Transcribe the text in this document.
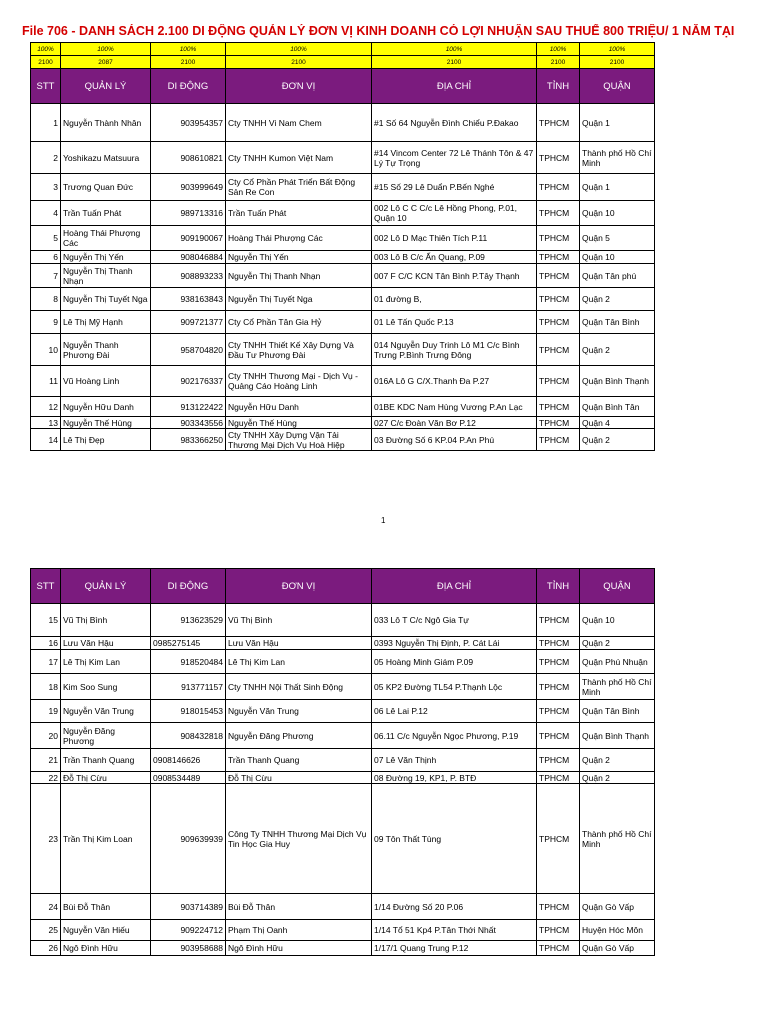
File 706 - DANH SÁCH 2.100 DI ĐỘNG QUẢN LÝ ĐƠN VỊ KINH DOANH CÓ LỢI NHUẬN SAU THUẾ 800 TRIỆU/ 1 NĂM TẠI
100%	100%	100%	100%	100%	100%	100%
2100	2087	2100	2100	2100	2100	2100
STT	QUẢN LÝ	DI ĐỘNG	ĐƠN VỊ	ĐỊA CHỈ	TỈNH	QUẬN
1	Nguyễn Thành Nhân	903954357	Cty TNHH Vi Nam Chem	#1 Số 64 Nguyễn Đình Chiểu P.Đakao	TPHCM	Quận 1
2	Yoshikazu Matsuura	908610821	Cty TNHH Kumon Việt Nam	#14 Vincom Center 72 Lê Thánh Tôn & 47 Lý Tự Trọng	TPHCM	Thành phố Hồ Chí Minh
3	Trương Quan Đức	903999649	Cty Cổ Phần Phát Triển Bất Động Sản Re Con	#15 Số 29 Lê Duẩn P.Bến Nghé	TPHCM	Quận 1
4	Trần Tuấn Phát	989713316	Trần Tuấn Phát	002 Lô C C C/c Lê Hồng Phong, P.01, Quận 10	TPHCM	Quận 10
5	Hoàng Thái Phượng Các	909190067	Hoàng Thái Phượng Các	002 Lô D Mạc Thiên Tích P.11	TPHCM	Quận 5
6	Nguyễn Thị Yến	908046884	Nguyễn Thị Yến	003 Lô B C/c Ấn Quang, P.09	TPHCM	Quận 10
7	Nguyễn Thị Thanh Nhạn	908893233	Nguyễn Thị Thanh Nhạn	007 F C/C KCN Tân Bình P.Tây Thạnh	TPHCM	Quận Tân phú
8	Nguyễn Thị Tuyết Nga	938163843	Nguyễn Thị Tuyết Nga	01 đường B,	TPHCM	Quận 2
9	Lê Thị Mỹ Hạnh	909721377	Cty Cổ Phần Tân Gia Hỷ	01 Lê Tấn Quốc P.13	TPHCM	Quận Tân Bình
10	Nguyễn Thanh Phương Đài	958704820	Cty TNHH Thiết Kế Xây Dựng Và Đầu Tư Phương Đài	014 Nguyễn Duy Trinh Lô M1 C/c Bình Trưng P.Bình Trưng Đông	TPHCM	Quận 2
11	Vũ Hoàng Linh	902176337	Cty TNHH Thương Mại - Dịch Vụ - Quảng Cáo Hoàng Linh	016A Lô G C/X.Thanh Đa P.27	TPHCM	Quận Bình Thạnh
12	Nguyễn Hữu Danh	913122422	Nguyễn Hữu Danh	01BE KDC Nam Hùng Vương P.An Lạc	TPHCM	Quận Bình Tân
13	Nguyễn Thế Hùng	903343556	Nguyễn Thế Hùng	027 C/c Đoàn Văn Bơ P.12	TPHCM	Quận 4
14	Lê Thị Đẹp	983366250	Cty TNHH Xây Dựng Vận Tải Thương Mại Dịch Vụ Hoà Hiệp	03 Đường Số 6 KP.04 P.An Phú	TPHCM	Quận 2
1
STT	QUẢN LÝ	DI ĐỘNG	ĐƠN VỊ	ĐỊA CHỈ	TỈNH	QUẬN
15	Vũ Thị Bình	913623529	Vũ Thị Bình	033 Lô T C/c Ngô Gia Tự	TPHCM	Quận 10
16	Lưu Văn Hậu	0985275145	Lưu Văn Hậu	0393 Nguyễn Thị Định, P. Cát Lái	TPHCM	Quận 2
17	Lê Thị Kim Lan	918520484	Lê Thị Kim Lan	05 Hoàng Minh Giám P.09	TPHCM	Quận Phú Nhuận
18	Kim Soo Sung	913771157	Cty TNHH Nội Thất Sinh Động	05 KP2 Đường TL54 P.Thạnh Lộc	TPHCM	Thành phố Hồ Chí Minh
19	Nguyễn Văn Trung	918015453	Nguyễn Văn Trung	06 Lê Lai P.12	TPHCM	Quận Tân Bình
20	Nguyễn Đăng Phương	908432818	Nguyễn Đăng Phương	06.11 C/c Nguyễn Ngọc Phương, P.19	TPHCM	Quận Bình Thạnh
21	Trần Thanh Quang	0908146626	Trần Thanh Quang	07 Lê Văn Thịnh	TPHCM	Quận 2
22	Đỗ Thị Cừu	0908534489	Đỗ Thị Cừu	08 Đường 19, KP1, P. BTĐ	TPHCM	Quận 2
23	Trần Thị Kim Loan	909639939	Công Ty TNHH Thương Mại Dịch Vụ Tin Học Gia Huy	09 Tôn Thất Tùng	TPHCM	Thành phố Hồ Chí Minh
24	Bùi Đỗ Thân	903714389	Bùi Đỗ Thân	1/14 Đường Số 20 P.06	TPHCM	Quận Gò Vấp
25	Nguyễn Văn Hiếu	909224712	Phạm Thị Oanh	1/14 Tổ 51 Kp4 P.Tân Thới Nhất	TPHCM	Huyện Hóc Môn
26	Ngô Đình Hữu	903958688	Ngô Đình Hữu	1/17/1 Quang Trung P.12	TPHCM	Quận Gò Vấp
